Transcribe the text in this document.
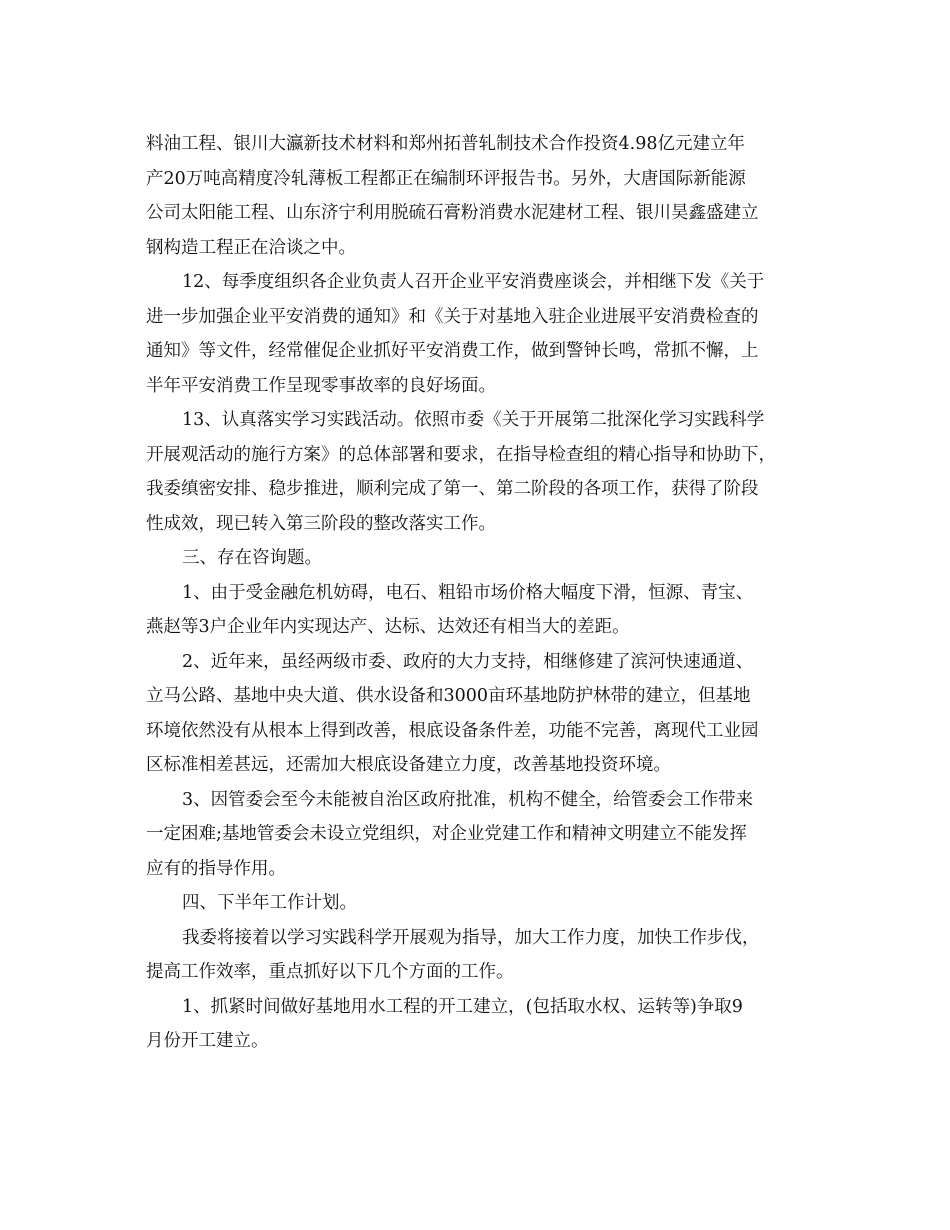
料油工程、银川大瀛新技术材料和郑州拓普轧制技术合作投资4.98亿元建立年
产20万吨高精度冷轧薄板工程都正在编制环评报告书。另外，大唐国际新能源
公司太阳能工程、山东济宁利用脱硫石膏粉消费水泥建材工程、银川昊鑫盛建立
钢构造工程正在洽谈之中。
12、每季度组织各企业负责人召开企业平安消费座谈会，并相继下发《关于
进一步加强企业平安消费的通知》和《关于对基地入驻企业进展平安消费检查的
通知》等文件，经常催促企业抓好平安消费工作，做到警钟长鸣，常抓不懈，上
半年平安消费工作呈现零事故率的良好场面。
13、认真落实学习实践活动。依照市委《关于开展第二批深化学习实践科学
开展观活动的施行方案》的总体部署和要求，在指导检查组的精心指导和协助下，
我委缜密安排、稳步推进，顺利完成了第一、第二阶段的各项工作，获得了阶段
性成效，现已转入第三阶段的整改落实工作。
三、存在咨询题。
1、由于受金融危机妨碍，电石、粗铅市场价格大幅度下滑，恒源、青宝、
燕赵等3户企业年内实现达产、达标、达效还有相当大的差距。
2、近年来，虽经两级市委、政府的大力支持，相继修建了滨河快速通道、
立马公路、基地中央大道、供水设备和3000亩环基地防护林带的建立，但基地
环境依然没有从根本上得到改善，根底设备条件差，功能不完善，离现代工业园
区标准相差甚远，还需加大根底设备建立力度，改善基地投资环境。
3、因管委会至今未能被自治区政府批准，机构不健全，给管委会工作带来
一定困难;基地管委会未设立党组织，对企业党建工作和精神文明建立不能发挥
应有的指导作用。
四、下半年工作计划。
我委将接着以学习实践科学开展观为指导，加大工作力度，加快工作步伐，
提高工作效率，重点抓好以下几个方面的工作。
1、抓紧时间做好基地用水工程的开工建立，(包括取水权、运转等)争取9
月份开工建立。
